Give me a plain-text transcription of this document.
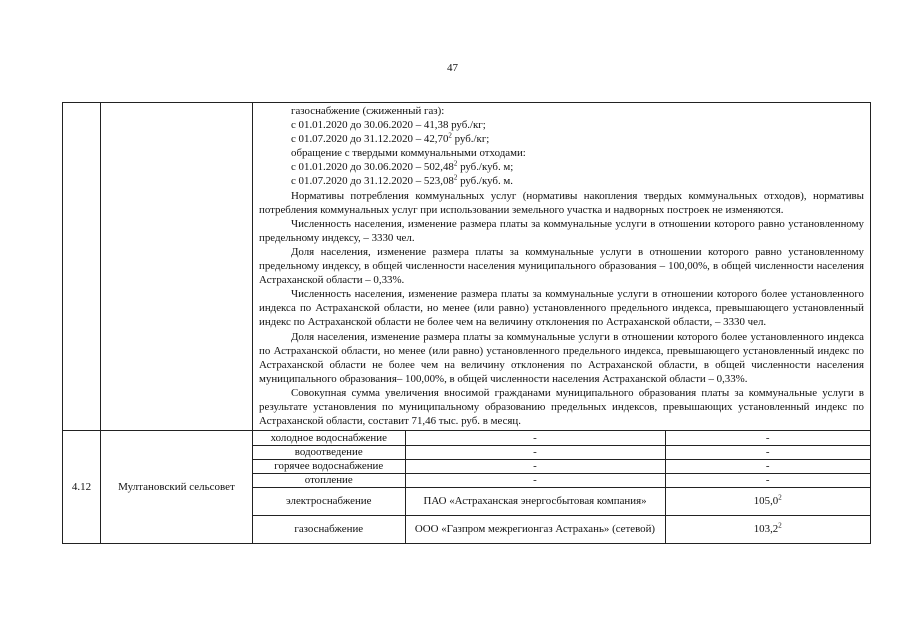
47

газоснабжение (сжиженный газ):

с 01.01.2020 до 30.06.2020 – 41,38 руб./кг;

с 01.07.2020 до 31.12.2020 – 42,70$^2$ руб./кг;

обращение с твердыми коммунальными отходами:

с 01.01.2020 до 30.06.2020 – 502,48$^2$ руб./куб. м;

с 01.07.2020 до 31.12.2020 – 523,08$^2$ руб./куб. м.

Нормативы потребления коммунальных услуг (нормативы накопления твердых коммунальных отходов), нормативы потребления коммунальных услуг при использовании земельного участка и надворных построек не изменяются.

Численность населения, изменение размера платы за коммунальные услуги в отношении которого равно установленному предельному индексу, – 3330 чел.

Доля населения, изменение размера платы за коммунальные услуги в отношении которого равно установленному предельному индексу, в общей численности населения муниципального образования – 100,00%, в общей численности населения Астраханской области – 0,33%.

Численность населения, изменение размера платы за коммунальные услуги в отношении которого более установленного индекса по Астраханской области, но менее (или равно) установленного предельного индекса, превышающего установленный индекс по Астраханской области не более чем на величину отклонения по Астраханской области, – 3330 чел.

Доля населения, изменение размера платы за коммунальные услуги в отношении которого более установленного индекса по Астраханской области, но менее (или равно) установленного предельного индекса, превышающего установленный индекс по Астраханской области не более чем на величину отклонения по Астраханской области, в общей численности населения муниципального образования– 100,00%, в общей численности населения Астраханской области – 0,33%.

Совокупная сумма увеличения вносимой гражданами муниципального образования платы за коммунальные услуги в результате установления по муниципальному образованию предельных индексов, превышающих установленный индекс по Астраханской области, составит 71,46 тыс. руб. в месяц.

4.12	Мултановский сельсовет	
холодное водоснабжение	-	-
водоотведение	-	-
горячее водоснабжение	-	-
отопление	-	-
электроснабжение	ПАО «Астраханская энергосбытовая компания»	105,0$^2$
газоснабжение	ООО «Газпром межрегионгаз Астрахань» (сетевой)	103,2$^2$
